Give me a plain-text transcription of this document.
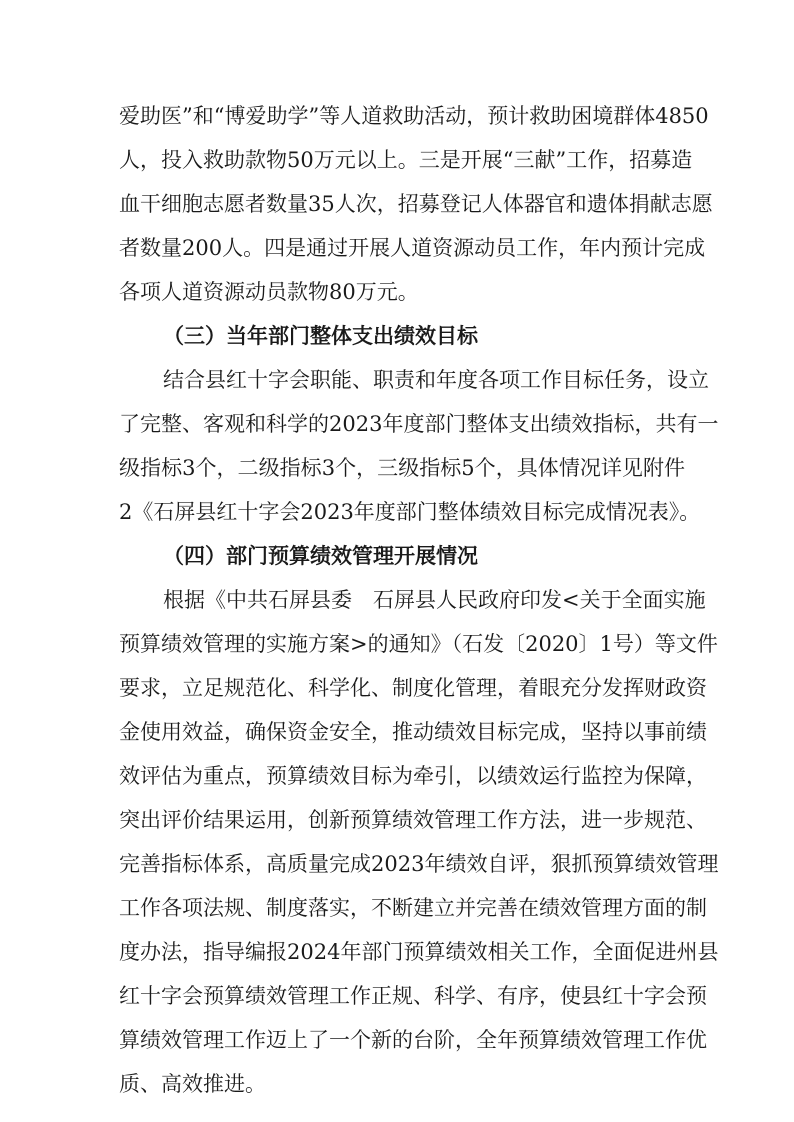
爱助医”和“博爱助学”等人道救助活动，预计救助困境群体4850
人，投入救助款物50万元以上。三是开展“三献”工作，招募造
血干细胞志愿者数量35人次，招募登记人体器官和遗体捐献志愿
者数量200人。四是通过开展人道资源动员工作，年内预计完成
各项人道资源动员款物80万元。
（三）当年部门整体支出绩效目标
结合县红十字会职能、职责和年度各项工作目标任务，设立
了完整、客观和科学的2023年度部门整体支出绩效指标，共有一
级指标3个，二级指标3个，三级指标5个，具体情况详见附件
2《石屏县红十字会2023年度部门整体绩效目标完成情况表》。
（四）部门预算绩效管理开展情况
根据《中共石屏县委　石屏县人民政府印发<关于全面实施
预算绩效管理的实施方案>的通知》（石发〔2020〕1号）等文件
要求，立足规范化、科学化、制度化管理，着眼充分发挥财政资
金使用效益，确保资金安全，推动绩效目标完成，坚持以事前绩
效评估为重点，预算绩效目标为牵引，以绩效运行监控为保障，
突出评价结果运用，创新预算绩效管理工作方法，进一步规范、
完善指标体系，高质量完成2023年绩效自评，狠抓预算绩效管理
工作各项法规、制度落实，不断建立并完善在绩效管理方面的制
度办法，指导编报2024年部门预算绩效相关工作，全面促进州县
红十字会预算绩效管理工作正规、科学、有序，使县红十字会预
算绩效管理工作迈上了一个新的台阶，全年预算绩效管理工作优
质、高效推进。
